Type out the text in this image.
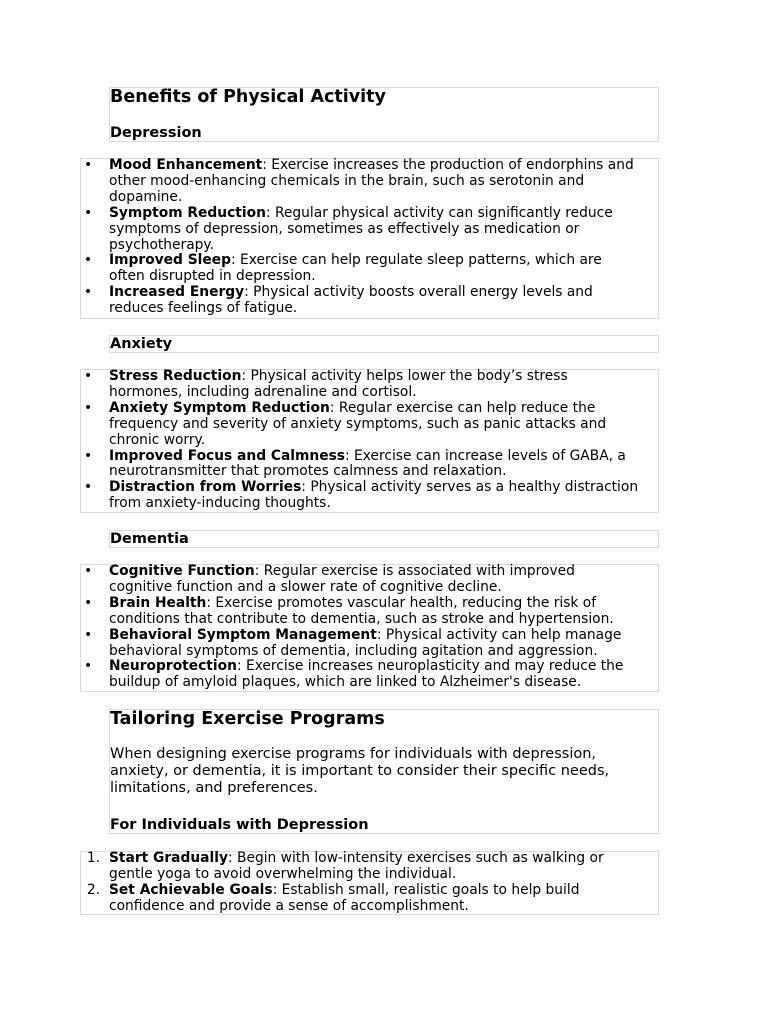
Benefits of Physical Activity
Depression
• Mood Enhancement: Exercise increases the production of endorphins and other mood-enhancing chemicals in the brain, such as serotonin and dopamine.
• Symptom Reduction: Regular physical activity can significantly reduce symptoms of depression, sometimes as effectively as medication or psychotherapy.
• Improved Sleep: Exercise can help regulate sleep patterns, which are often disrupted in depression.
• Increased Energy: Physical activity boosts overall energy levels and reduces feelings of fatigue.
Anxiety
• Stress Reduction: Physical activity helps lower the body’s stress hormones, including adrenaline and cortisol.
• Anxiety Symptom Reduction: Regular exercise can help reduce the frequency and severity of anxiety symptoms, such as panic attacks and chronic worry.
• Improved Focus and Calmness: Exercise can increase levels of GABA, a neurotransmitter that promotes calmness and relaxation.
• Distraction from Worries: Physical activity serves as a healthy distraction from anxiety-inducing thoughts.
Dementia
• Cognitive Function: Regular exercise is associated with improved cognitive function and a slower rate of cognitive decline.
• Brain Health: Exercise promotes vascular health, reducing the risk of conditions that contribute to dementia, such as stroke and hypertension.
• Behavioral Symptom Management: Physical activity can help manage behavioral symptoms of dementia, including agitation and aggression.
• Neuroprotection: Exercise increases neuroplasticity and may reduce the buildup of amyloid plaques, which are linked to Alzheimer's disease.
Tailoring Exercise Programs
When designing exercise programs for individuals with depression, anxiety, or dementia, it is important to consider their specific needs, limitations, and preferences.
For Individuals with Depression
1. Start Gradually: Begin with low-intensity exercises such as walking or gentle yoga to avoid overwhelming the individual.
2. Set Achievable Goals: Establish small, realistic goals to help build confidence and provide a sense of accomplishment.
